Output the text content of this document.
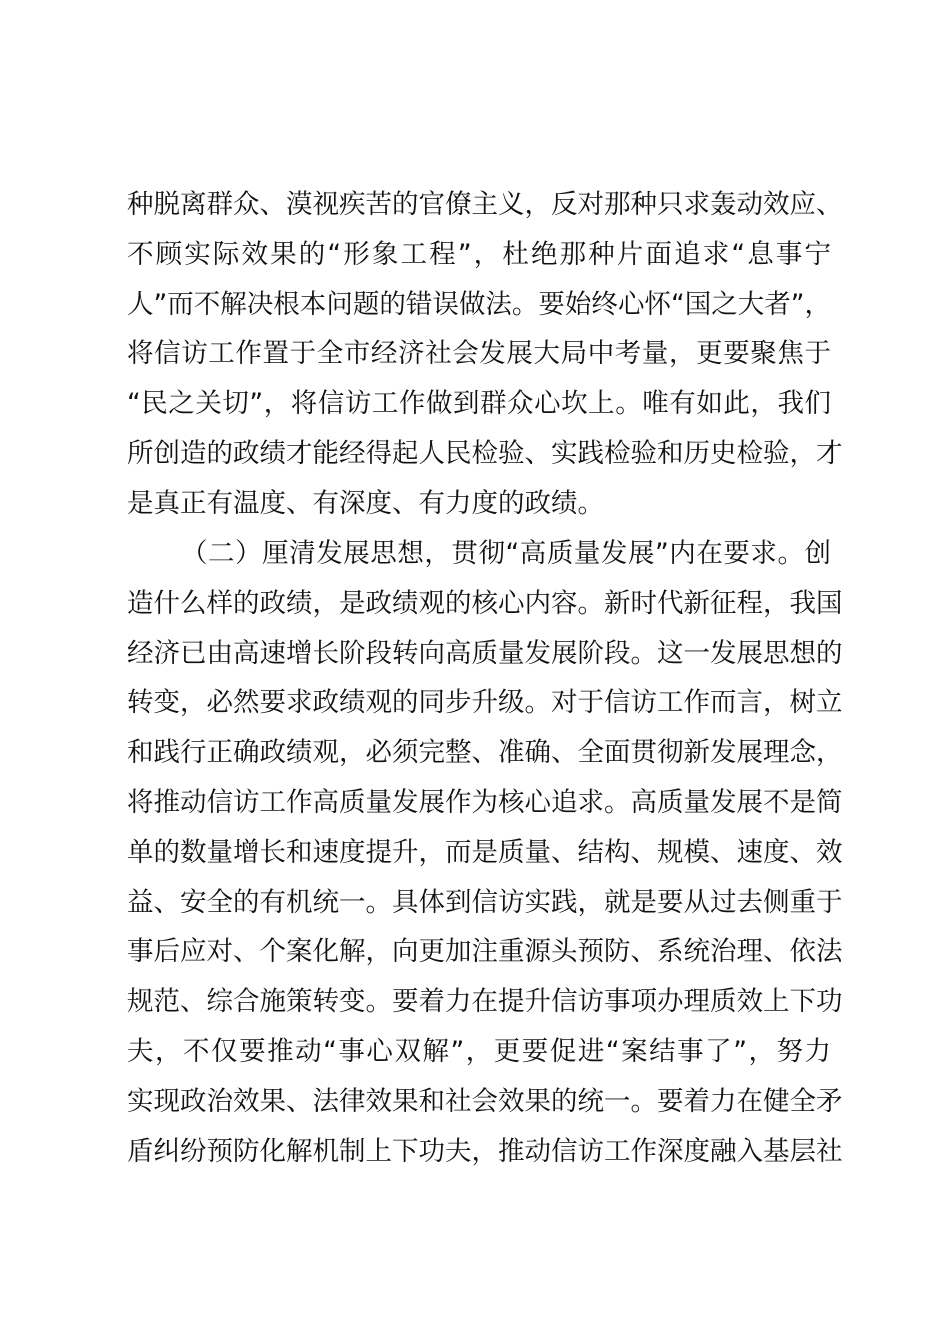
种脱离群众、漠视疾苦的官僚主义，反对那种只求轰动效应、
不顾实际效果的“形象工程”，杜绝那种片面追求“息事宁
人”而不解决根本问题的错误做法。要始终心怀“国之大者”，
将信访工作置于全市经济社会发展大局中考量，更要聚焦于
“民之关切”，将信访工作做到群众心坎上。唯有如此，我们
所创造的政绩才能经得起人民检验、实践检验和历史检验，才
是真正有温度、有深度、有力度的政绩。
（二）厘清发展思想，贯彻“高质量发展”内在要求。创
造什么样的政绩，是政绩观的核心内容。新时代新征程，我国
经济已由高速增长阶段转向高质量发展阶段。这一发展思想的
转变，必然要求政绩观的同步升级。对于信访工作而言，树立
和践行正确政绩观，必须完整、准确、全面贯彻新发展理念，
将推动信访工作高质量发展作为核心追求。高质量发展不是简
单的数量增长和速度提升，而是质量、结构、规模、速度、效
益、安全的有机统一。具体到信访实践，就是要从过去侧重于
事后应对、个案化解，向更加注重源头预防、系统治理、依法
规范、综合施策转变。要着力在提升信访事项办理质效上下功
夫，不仅要推动“事心双解”，更要促进“案结事了”，努力
实现政治效果、法律效果和社会效果的统一。要着力在健全矛
盾纠纷预防化解机制上下功夫，推动信访工作深度融入基层社
